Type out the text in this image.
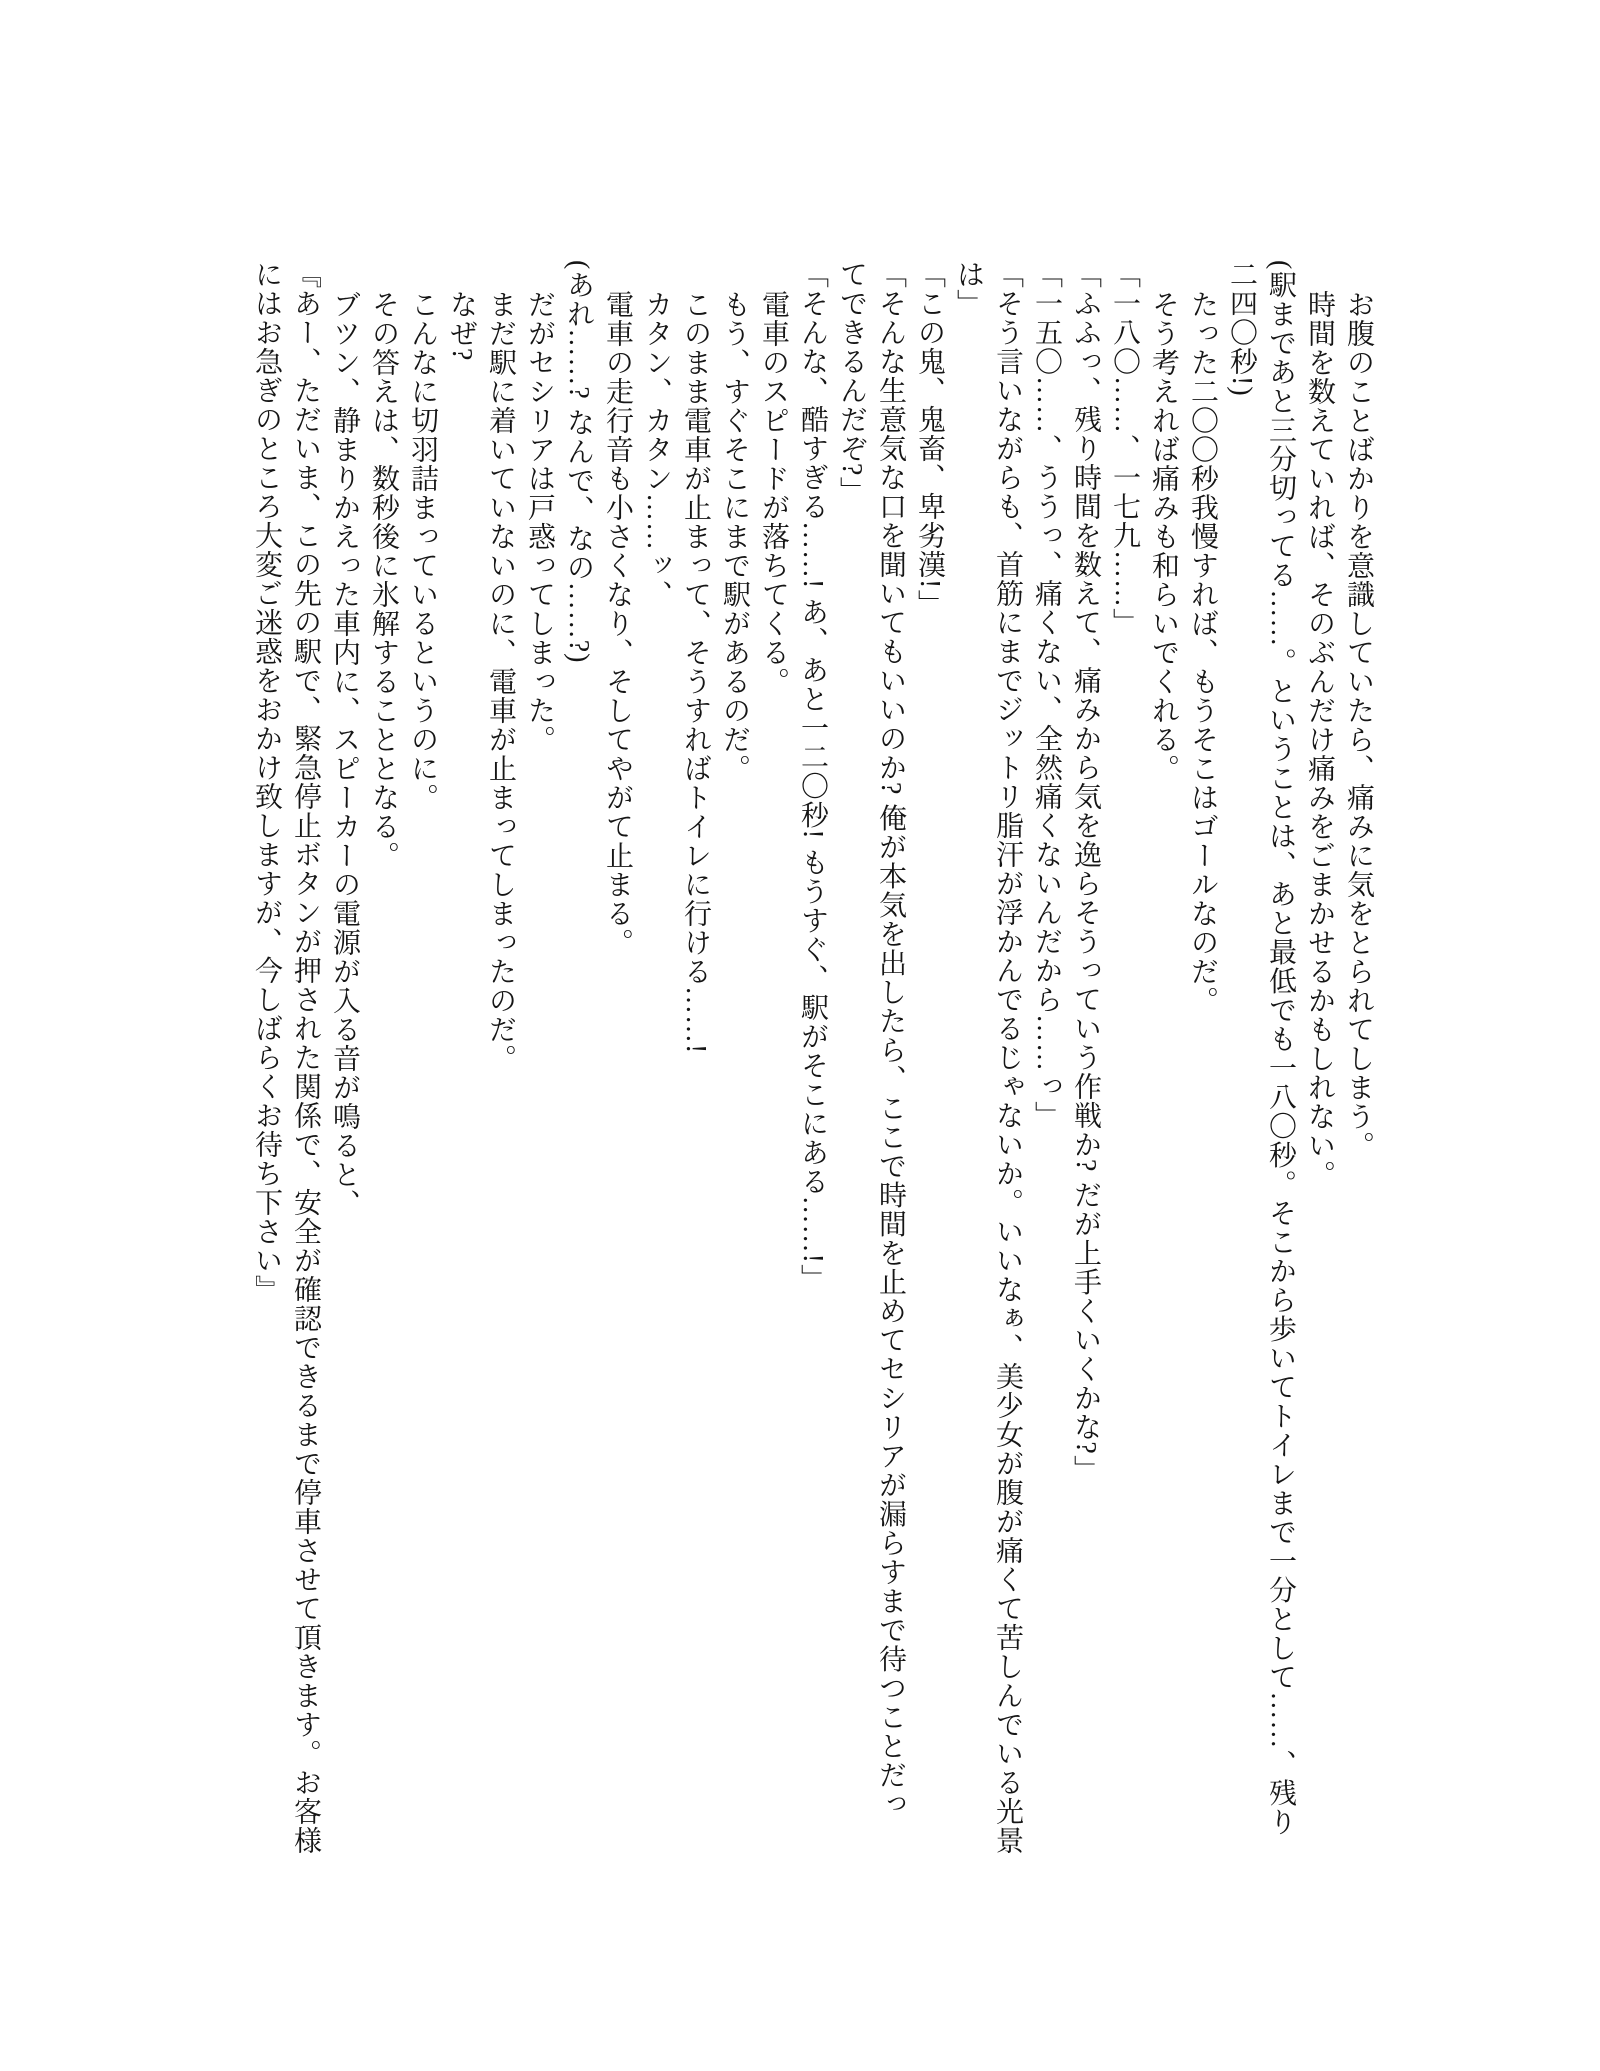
お腹のことばかりを意識していたら、痛みに気をとられてしまう。
時間を数えていれば、そのぶんだけ痛みをごまかせるかもしれない。
(駅まであと三分切ってる……。ということは、あと最低でも一八〇秒。そこから歩いてトイレまで一分として……、残り
二四〇秒!)
たった二〇〇秒我慢すれば、もうそこはゴールなのだ。
そう考えれば痛みも和らいでくれる。
「一八〇……、一七九……」
「ふふっ、残り時間を数えて、痛みから気を逸らそうっていう作戦か? だが上手くいくかな?」
「一五〇……、ううっ、痛くない、全然痛くないんだから……っ」
「そう言いながらも、首筋にまでジットリ脂汗が浮かんでるじゃないか。いいなぁ、美少女が腹が痛くて苦しんでいる光景
は」
「この鬼、鬼畜、卑劣漢!」
「そんな生意気な口を聞いてもいいのか? 俺が本気を出したら、ここで時間を止めてセシリアが漏らすまで待つことだっ
てできるんだぞ?」
「そんな、酷すぎる……! あ、あと一二〇秒! もうすぐ、駅がそこにある……!」
電車のスピードが落ちてくる。
もう、すぐそこにまで駅があるのだ。
このまま電車が止まって、そうすればトイレに行ける……!
カタン、カタン……ッ、
電車の走行音も小さくなり、そしてやがて止まる。
(あれ……? なんで、なの……?)
だがセシリアは戸惑ってしまった。
まだ駅に着いていないのに、電車が止まってしまったのだ。
なぜ?
こんなに切羽詰まっているというのに。
その答えは、数秒後に氷解することとなる。
ブツン、静まりかえった車内に、スピーカーの電源が入る音が鳴ると、
『あー、ただいま、この先の駅で、緊急停止ボタンが押された関係で、安全が確認できるまで停車させて頂きます。お客様
にはお急ぎのところ大変ご迷惑をおかけ致しますが、今しばらくお待ち下さい』
